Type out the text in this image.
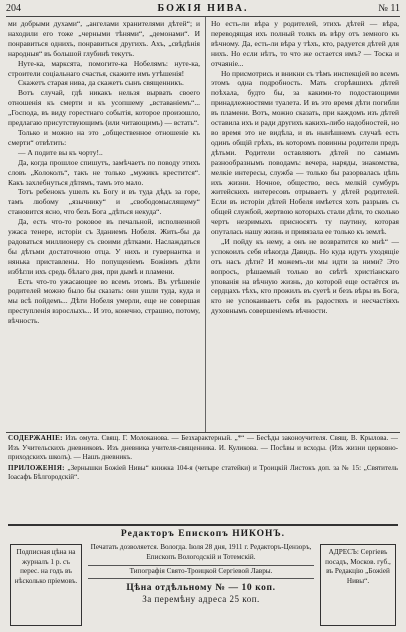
204	БОЖІЯ НИВА.	№ 11

ми добрыми духами“, „ангелами хранителями дѣтей“; и находили его тоже „черными тѣнями“, „демонами“. И понравиться однихъ, понравиться другихъ. Ахъ, „свѣдѣнія народныя“ въ большой глубинѣ текутъ.

Нуте-ка, марксята, помогите-ка Нобелямъ: нуте-ка, строители соціальнаго счастья, скажите имъ утѣшенія!

Скажетъ старая нива, да скажетъ сынъ священникъ.

Вотъ случай, гдѣ никакъ нельзя вырвать своего отношенія къ смерти и къ усопшему „вставаніемъ“... „Господа, въ виду горестнаго событія, которое произошло, предлагаю присутствующимъ (или читающимъ) — встать“.

Только и можно на это „общественное отношеніе къ смерти“ отвѣтить:

— А подите вы къ чорту!..

Да, когда прошлое спишутъ, замѣчаетъ по поводу этихъ словъ „Колоколъ“, такъ не только „мужикъ крестится“. Какъ захлебнуться дѣтямъ, тамъ это мало.

Тотъ ребенокъ ушелъ къ Богу и въ туда дѣдъ за горе, тамъ любому „язычнику“ и „свободомыслящему“ становится ясно, что безъ Бога „дѣться некуда“.

Да, есть что-то роковое въ печальной, исполненной ужаса тенере, исторіи съ Зданиемъ Нобеля. Жить-бы да радоваться миллионеру съ своими дѣтками. Наслаждаться бы дѣтьми достаточною отца. У нихъ и гувернантка и нянька приставлены. Но попущеніемъ Божіимъ дѣти избѣгли ихъ средь бѣлаго дня, при дымѣ и пламени.

Есть что-то ужасающее во всемъ этомъ. Въ утѣшеніе родителей можно было бы сказать: они ушли туда, куда и мы всѣ пойдемъ... Дѣти Нобеля умерли, еще не совершая преступленія взрослыхъ... И это, конечно, страшно, потому, вѣчность.

Но есть-ли вѣра у родителей, этихъ дѣтей — вѣра, переводящая ихъ полный толкъ въ вѣру отъ земного къ вѣчному. Да, есть-ли вѣра у тѣхъ, кто, радуется дѣтей для нихъ. Но если нѣтъ, то что же остается имъ? — Тоска и отчаяніе...

Но присмотрись и вникни съ тѣмъ инспекціей во всемъ этомъ одна подробность. Мать сгорѣвшихъ дѣтей поѣхала, будто бы, за какими-то подостающими принадлежностями туалета. И въ это время дѣти погибли въ пламени. Вотъ, можно сказать, при каждомъ изъ дѣтей оставила ихъ и ради другихъ какихъ-либо надобностей, но во время это не видѣла, и въ нынѣшнемъ случаѣ есть одинъ общій грѣхъ, въ которомъ повинны родители предъ дѣтьми. Родители оставляютъ дѣтей по самымъ разнообразнымъ поводамъ: вечера, наряды, знакомства, мелкіе интересы, служба — только бы разорвалась цѣпь ихъ жизни. Ночное, общество, весь мелкій сумбуръ житейскихъ интересовъ отрываетъ у дѣтей родителей. Если въ исторіи дѣтей Нобеля имѣется хоть разрывъ съ общей службой, жертвою которыхъ стали дѣти, то сколько чертъ незримыхъ присносятъ ту паутину, которая опуталась нашу жизнь и привязала ее только къ землѣ.

„И пойду къ нему, а онъ не возвратится ко мнѣ“ — успокоилъ себя нѣкогда Давидъ. Но куда идутъ уходящіе отъ насъ дѣти? И можемъ-ли мы идти за ними? Это вопросъ, рѣшаемый только во свѣтѣ христіанскаго упованія на вѣчную жизнь, до которой еще остаётся въ сердцахъ тѣхъ, кто прожилъ въ суетѣ и безъ вѣры въ Бога, кто не успокаиваетъ себя въ радостяхъ и несчастіяхъ духовнымъ совершеніемъ вѣчности.

СОДЕРЖАНІЕ: Изъ омута. Свящ. Г. Молоканова. — Безхарактерный. „*“ — Бесѣды законоучителя. Свящ. В. Крылова. — Изъ Учительскихъ дневниковъ. Изъ дневника учителя-священника. И. Куликова. — Посѣвы и всходы. (Изъ жизни церковно-приходскихъ школъ). — Нашъ дневникъ.

ПРИЛОЖЕНІЯ: „Зернышки Божіей Нивы“ книжка 104-я (четыре статейки) и Троицкій Листокъ доп. за № 15: „Святитель Іоасафъ Бѣлгородскій“.

Редакторъ Епископъ НИКОНЪ.
Подписная цѣна на журналъ 1 р. съ перес. на годъ въ нѣсколько пріемовъ.
Печатать дозволяется. Вологда. Іюля 28 дня, 1911 г. Редакторъ-Цензоръ, Епископъ Вологодскій и Тотемскій.
Типографія Свято-Троицкой Сергіевой Лавры.
Цѣна отдѣльному № — 10 коп.
За перемѣну адреса 25 коп.
АДРЕСЪ: Сергіевъ посадъ, Москов. губ., въ Редакцію „Божіей Нивы“.
